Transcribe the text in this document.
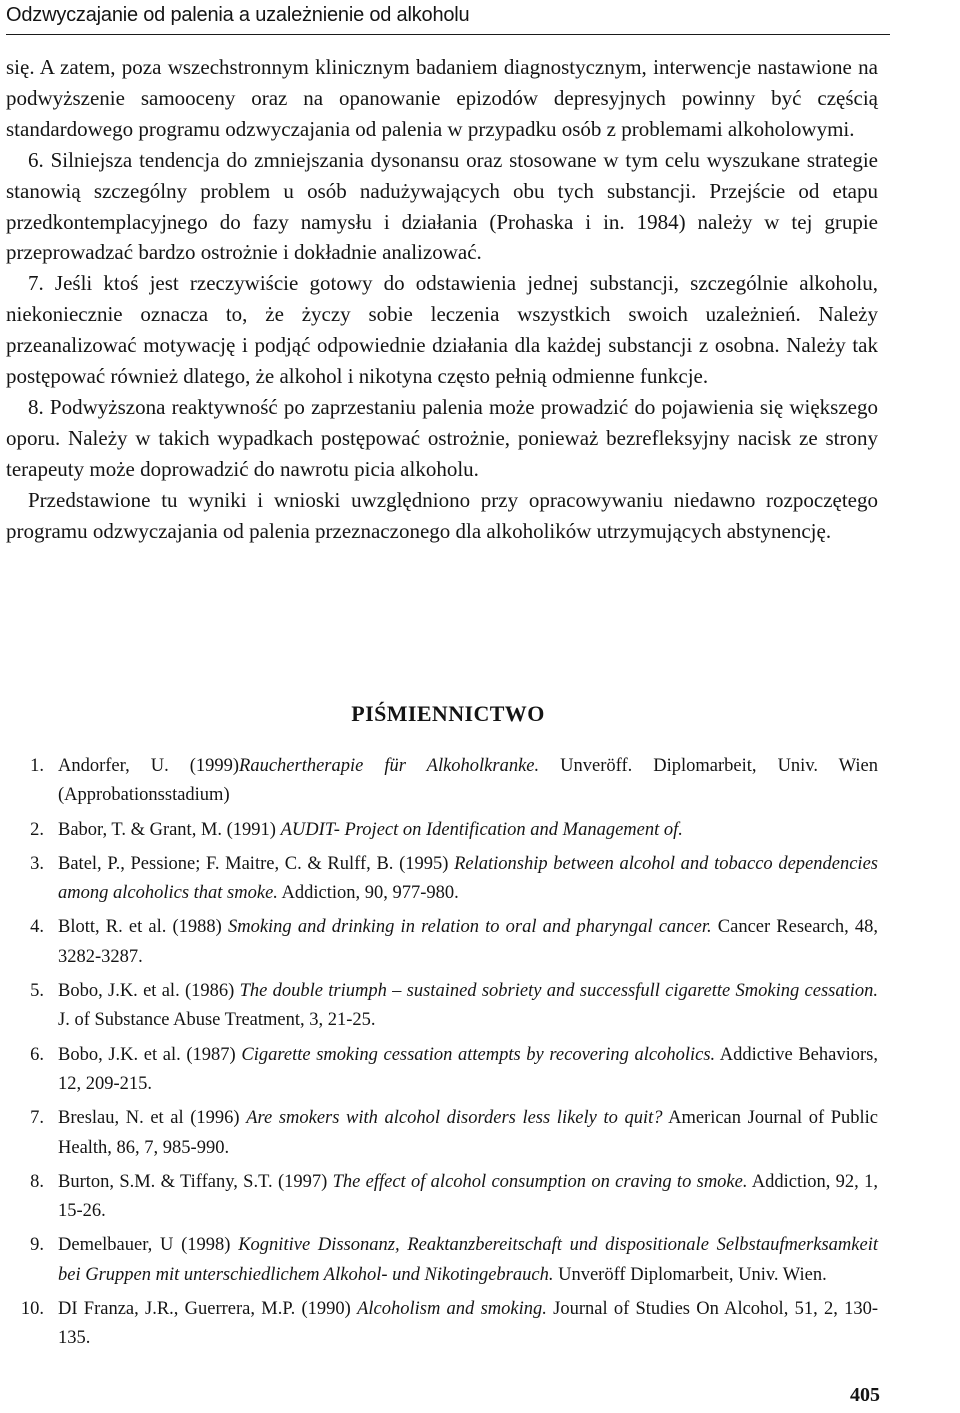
Odzwyczajanie od palenia a uzależnienie od alkoholu

się. A zatem, poza wszechstronnym klinicznym badaniem diagnostycznym, interwencje nastawione na podwyższenie samooceny oraz na opanowanie epizodów depresyjnych powinny być częścią standardowego programu odzwyczajania od palenia w przypadku osób z problemami alkoholowymi.

6. Silniejsza tendencja do zmniejszania dysonansu oraz stosowane w tym celu wyszukane strategie stanowią szczególny problem u osób nadużywających obu tych substancji. Przejście od etapu przedkontemplacyjnego do fazy namysłu i działania (Prohaska i in. 1984) należy w tej grupie przeprowadzać bardzo ostrożnie i dokładnie analizować.

7. Jeśli ktoś jest rzeczywiście gotowy do odstawienia jednej substancji, szczególnie alkoholu, niekoniecznie oznacza to, że życzy sobie leczenia wszystkich swoich uzależnień. Należy przeanalizować motywację i podjąć odpowiednie działania dla każdej substancji z osobna. Należy tak postępować również dlatego, że alkohol i nikotyna często pełnią odmienne funkcje.

8. Podwyższona reaktywność po zaprzestaniu palenia może prowadzić do pojawienia się większego oporu. Należy w takich wypadkach postępować ostrożnie, ponieważ bezrefleksyjny nacisk ze strony terapeuty może doprowadzić do nawrotu picia alkoholu.

Przedstawione tu wyniki i wnioski uwzględniono przy opracowywaniu niedawno rozpoczętego programu odzwyczajania od palenia przeznaczonego dla alkoholików utrzymujących abstynencję.

PIŚMIENNICTWO
1. Andorfer, U. (1999)Rauchertherapie für Alkoholkranke. Unveröff. Diplomarbeit, Univ. Wien (Approbationsstadium)
2. Babor, T. & Grant, M. (1991) AUDIT- Project on Identification and Management of.
3. Batel, P., Pessione; F. Maitre, C. & Rulff, B. (1995) Relationship between alcohol and tobacco dependencies among alcoholics that smoke. Addiction, 90, 977-980.
4. Blott, R. et al. (1988) Smoking and drinking in relation to oral and pharyngal cancer. Cancer Research, 48, 3282-3287.
5. Bobo, J.K. et al. (1986) The double triumph – sustained sobriety and successfull cigarette Smoking cessation. J. of Substance Abuse Treatment, 3, 21-25.
6. Bobo, J.K. et al. (1987) Cigarette smoking cessation attempts by recovering alcoholics. Addictive Behaviors, 12, 209-215.
7. Breslau, N. et al (1996) Are smokers with alcohol disorders less likely to quit? American Journal of Public Health, 86, 7, 985-990.
8. Burton, S.M. & Tiffany, S.T. (1997) The effect of alcohol consumption on craving to smoke. Addiction, 92, 1, 15-26.
9. Demelbauer, U (1998) Kognitive Dissonanz, Reaktanzbereitschaft und dispositionale Selbstaufmerksamkeit bei Gruppen mit unterschiedlichem Alkohol- und Nikotingebrauch. Unveröff Diplomarbeit, Univ. Wien.
10. DI Franza, J.R., Guerrera, M.P. (1990) Alcoholism and smoking. Journal of Studies On Alcohol, 51, 2, 130-135.
405
